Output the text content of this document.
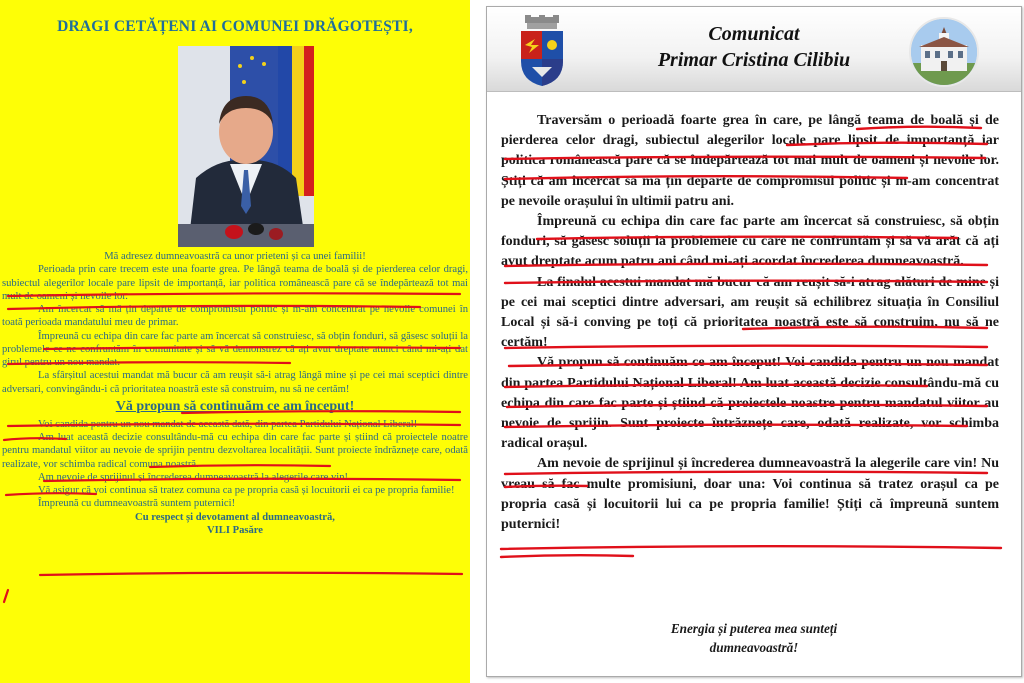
DRAGI CETĂȚENI AI COMUNEI DRĂGOTEȘTI,

Mă adresez dumneavoastră ca unor prieteni și ca unei familii!

Perioada prin care trecem este una foarte grea. Pe lângă teama de boală și de pierderea celor dragi, subiectul alegerilor locale pare lipsit de importanță, iar politica românească pare că se îndepărtează tot mai mult de oameni și nevoile lor.

Am încercat să mă țin departe de compromisul politic și m-am concentrat pe nevoile comunei în toată perioada mandatului meu de primar.

Împreună cu echipa din care fac parte am încercat să construiesc, să obțin fonduri, să găsesc soluții la problemele ce ne confruntăm în comunitate și să vă demonstrez că ați avut dreptate atunci când mi-ați dat girul pentru un nou mandat.

La sfârșitul acestui mandat mă bucur că am reușit să-i atrag lângă mine și pe cei mai sceptici dintre adversari, convingându-i că prioritatea noastră este să construim, nu să ne certăm!

Vă propun să continuăm ce am început!

Voi candida pentru un nou mandat de această dată, din partea Partidului Național Liberal!

Am luat această decizie consultându-mă cu echipa din care fac parte și știind că proiectele noatre pentru mandatul viitor au nevoie de sprijin pentru dezvoltarea localității. Sunt proiecte îndrăznețe care, odată realizate, vor schimba radical comuna noastră.

Am nevoie de sprijinul și încrederea dumneavoastră la alegerile care vin!

Vă asigur că voi continua să tratez comuna ca pe propria casă și locuitorii ei ca pe propria familie!

Împreună cu dumneavoastră suntem puternici!

Cu respect și devotament al dumneavoastră,

VILI Pasăre

Comunicat
Primar Cristina Cilibiu

Traversăm o perioadă foarte grea în care, pe lângă teama de boală și de pierderea celor dragi, subiectul alegerilor locale pare lipsit de importanță iar politica românească pare că se îndepărtează tot mai mult de oameni și nevoile lor. Știți că am încercat să mă țin departe de compromisul politic și m-am concentrat pe nevoile orașului în ultimii patru ani.

Împreună cu echipa din care fac parte am încercat să construiesc, să obțin fonduri, să găsesc soluții la problemele cu care ne confruntăm și să vă arăt că ați avut dreptate acum patru ani când mi-ați acordat încrederea dumneavoastră.

La finalul acestui mandat mă bucur că am reușit să-i atrag alături de mine și pe cei mai sceptici dintre adversari, am reușit să echilibrez situația în Consiliul Local și să-i conving pe toți că prioritatea noastră este să construim, nu să ne certăm!

Vă propun să continuăm ce am început! Voi candida pentru un nou mandat din partea Partidului Național Liberal! Am luat această decizie consultându-mă cu echipa din care fac parte și știind că proiectele noastre pentru mandatul viitor au nevoie de sprijin. Sunt proiecte întrăznețe care, odată realizate, vor schimba radical orașul.

Am nevoie de sprijinul și încrederea dumneavoastră la alegerile care vin! Nu vreau să fac multe promisiuni, doar una: Voi continua să tratez orașul ca pe propria casă și locuitorii lui ca pe propria familie! Știți că împreună suntem puternici!

Energia și puterea mea sunteți
dumneavoastră!
